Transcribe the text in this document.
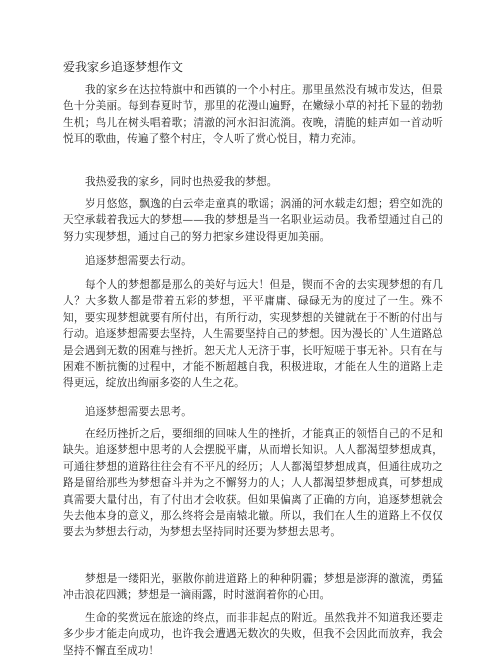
爱我家乡追逐梦想作文

我的家乡在达拉特旗中和西镇的一个小村庄。那里虽然没有城市发达，但景色十分美丽。每到春夏时节，那里的花漫山遍野，在嫩绿小草的衬托下显的勃勃生机；鸟儿在树头唱着歌；清澈的河水汩汩流淌。夜晚，清脆的蛙声如一首动听悦耳的歌曲，传遍了整个村庄，令人听了赏心悦目，精力充沛。

我热爱我的家乡，同时也热爱我的梦想。

岁月悠悠，飘逸的白云牵走童真的歌谣；涡涌的河水载走幻想；碧空如洗的天空承载着我远大的梦想——我的梦想是当一名职业运动员。我希望通过自己的努力实现梦想，通过自己的努力把家乡建设得更加美丽。

追逐梦想需要去行动。

每个人的梦想都是那么的美好与远大！但是，锲而不舍的去实现梦想的有几人？大多数人都是带着五彩的梦想，平平庸庸、碌碌无为的度过了一生。殊不知，要实现梦想就要有所付出，有所行动，实现梦想的关键就在于不断的付出与行动。追逐梦想需要去坚持，人生需要坚持自己的梦想。因为漫长的`人生道路总是会遇到无数的困难与挫折。恕天尤人无济于事，长吁短嗟于事无补。只有在与困难不断抗衡的过程中，才能不断超越自我，积极进取，才能在人生的道路上走得更远，绽放出绚丽多姿的人生之花。

追逐梦想需要去思考。

在经历挫折之后，要细细的回味人生的挫折，才能真正的领悟自己的不足和缺失。追逐梦想中思考的人会摆脱平庸，从而增长知识。人人都渴望梦想成真，可通往梦想的道路往往会有不平凡的经历；人人都渴望梦想成真，但通往成功之路是留给那些为梦想奋斗并为之不懈努力的人；人人都渴望梦想成真，可梦想成真需要大量付出，有了付出才会收获。但如果偏离了正确的方向，追逐梦想就会失去他本身的意义，那么终将会是南辕北辙。所以，我们在人生的道路上不仅仅要去为梦想去行动，为梦想去坚持同时还要为梦想去思考。

梦想是一缕阳光，驱散你前进道路上的种种阴霾；梦想是澎湃的激流，勇猛冲击浪花四溅；梦想是一滴雨露，时时滋润着你的心田。

生命的奖赏远在旅途的终点，而非非起点的附近。虽然我并不知道我还要走多少步才能走向成功，也许我会遭遇无数次的失败，但我不会因此而放弃，我会坚持不懈直至成功！
